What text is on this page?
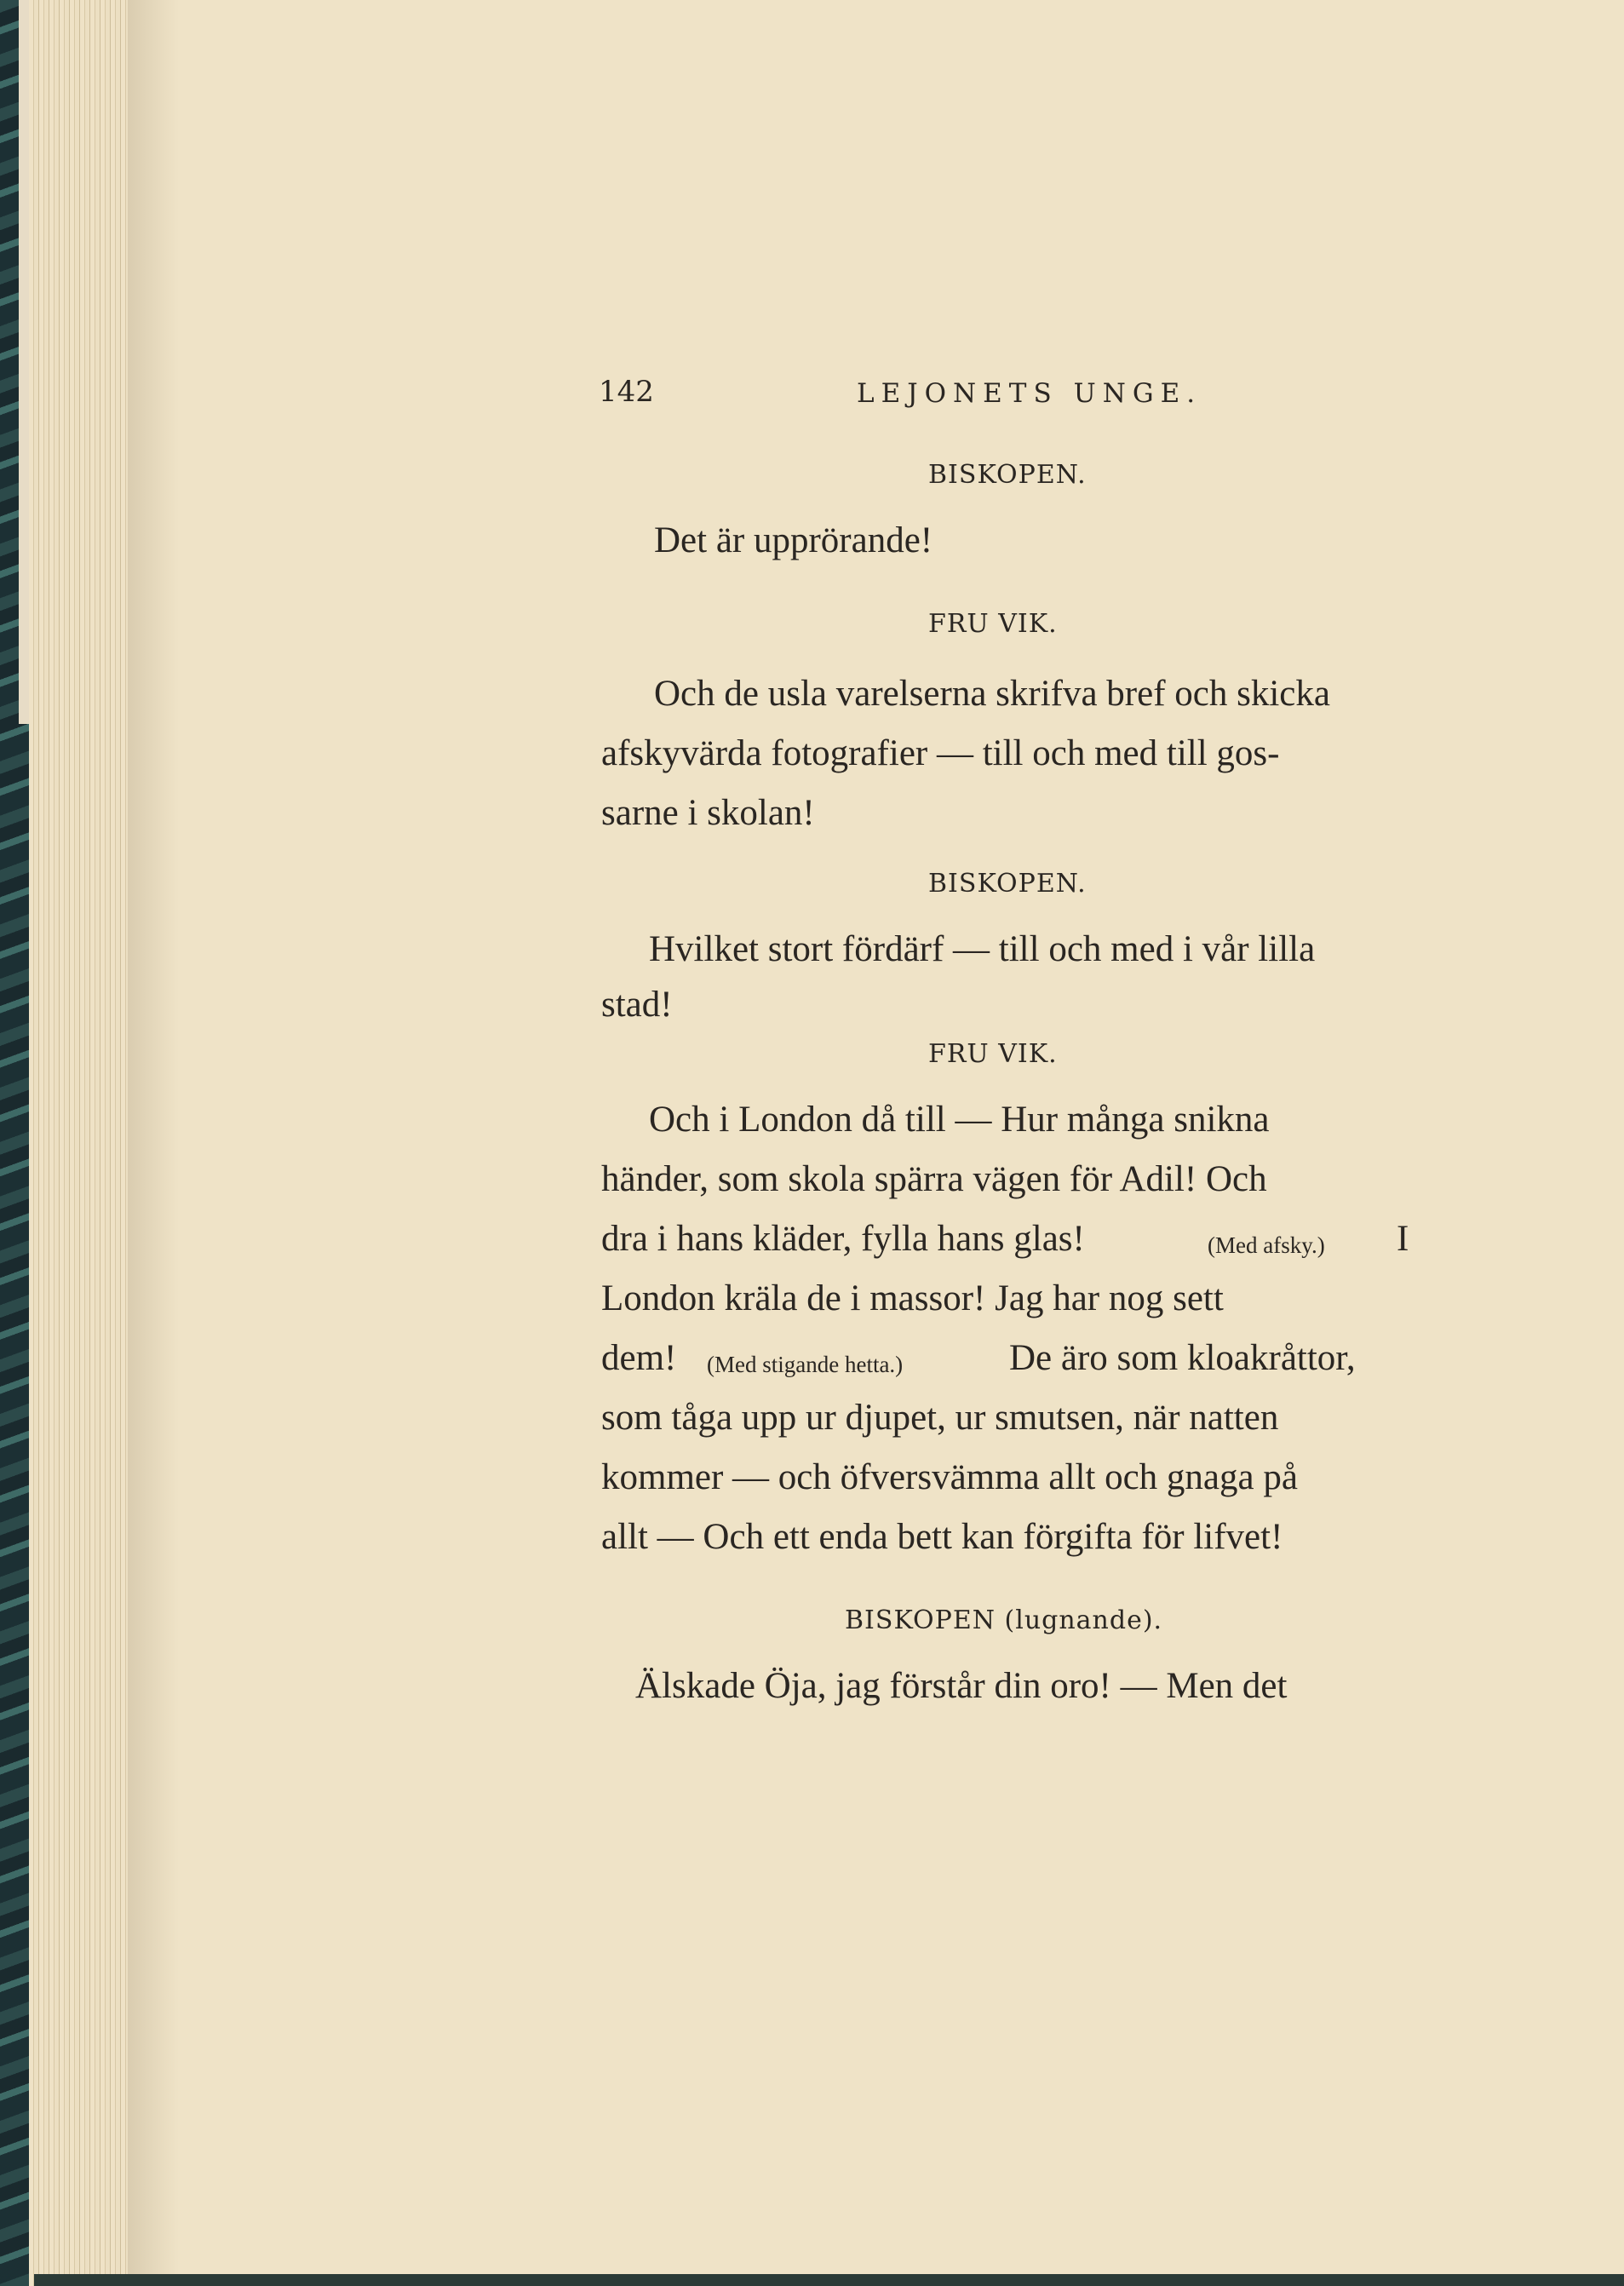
142	LEJONETS UNGE.
BISKOPEN.
Det är upprörande!
FRU VIK.
Och de usla varelserna skrifva bref och skicka
afskyvärda fotografier — till och med till gos-
sarne i skolan!
BISKOPEN.
Hvilket stort fördärf — till och med i vår lilla
stad!
FRU VIK.
Och i London då till — Hur många snikna
händer, som skola spärra vägen för Adil! Och
dra i hans kläder, fylla hans glas!	(Med afsky.) I
London kräla de i massor! Jag har nog sett
dem! (Med stigande hetta.)	De äro som kloakråttor,
som tåga upp ur djupet, ur smutsen, när natten
kommer — och öfversvämma allt och gnaga på
allt — Och ett enda bett kan förgifta för lifvet!
BISKOPEN (lugnande).
Älskade Öja, jag förstår din oro! — Men det
